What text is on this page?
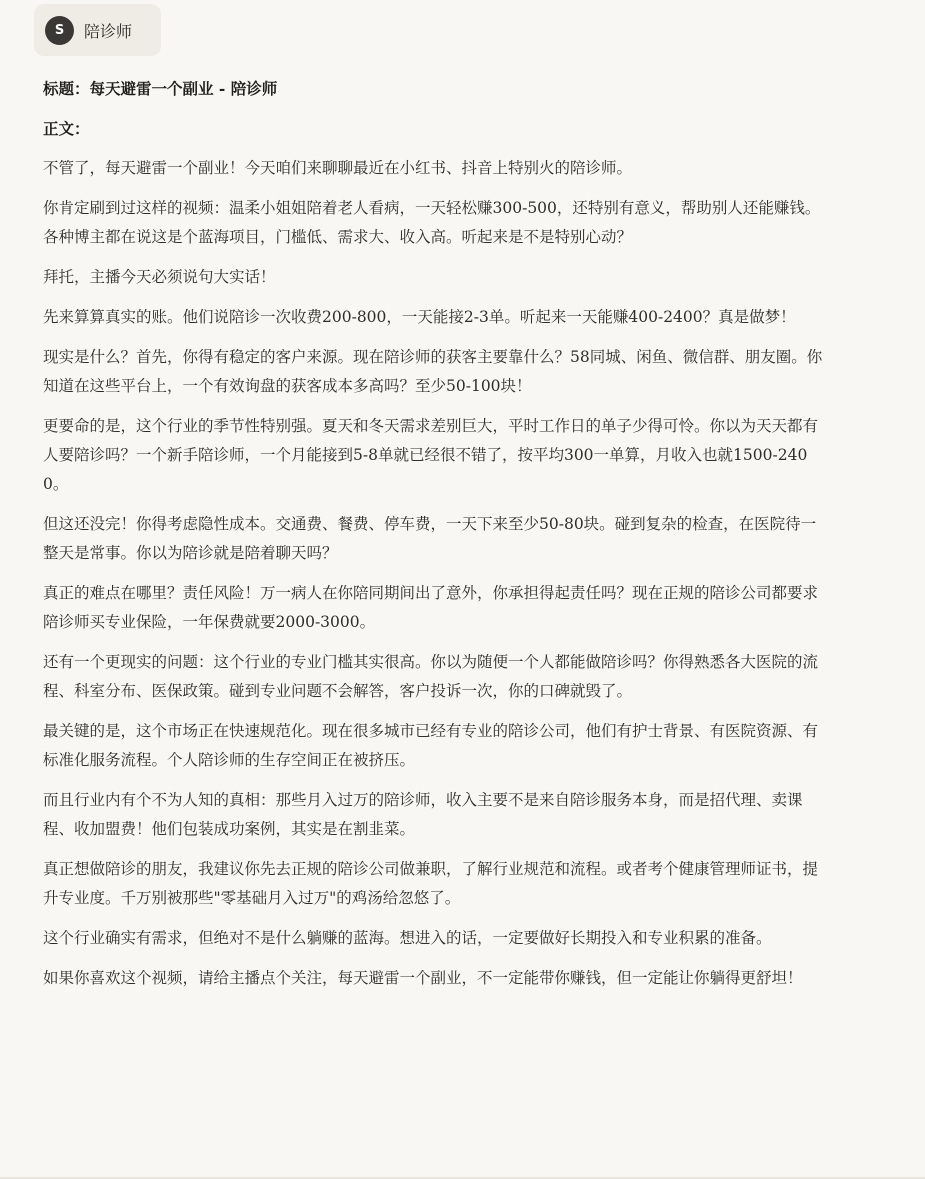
S	陪诊师

标题：每天避雷一个副业 - 陪诊师

正文：

不管了，每天避雷一个副业！今天咱们来聊聊最近在小红书、抖音上特别火的陪诊师。

你肯定刷到过这样的视频：温柔小姐姐陪着老人看病，一天轻松赚300-500，还特别有意义，帮助别人还能赚钱。各种博主都在说这是个蓝海项目，门槛低、需求大、收入高。听起来是不是特别心动？

拜托，主播今天必须说句大实话！

先来算算真实的账。他们说陪诊一次收费200-800，一天能接2-3单。听起来一天能赚400-2400？真是做梦！

现实是什么？首先，你得有稳定的客户来源。现在陪诊师的获客主要靠什么？58同城、闲鱼、微信群、朋友圈。你知道在这些平台上，一个有效询盘的获客成本多高吗？至少50-100块！

更要命的是，这个行业的季节性特别强。夏天和冬天需求差别巨大，平时工作日的单子少得可怜。你以为天天都有人要陪诊吗？一个新手陪诊师，一个月能接到5-8单就已经很不错了，按平均300一单算，月收入也就1500-2400。

但这还没完！你得考虑隐性成本。交通费、餐费、停车费，一天下来至少50-80块。碰到复杂的检查，在医院待一整天是常事。你以为陪诊就是陪着聊天吗？

真正的难点在哪里？责任风险！万一病人在你陪同期间出了意外，你承担得起责任吗？现在正规的陪诊公司都要求陪诊师买专业保险，一年保费就要2000-3000。

还有一个更现实的问题：这个行业的专业门槛其实很高。你以为随便一个人都能做陪诊吗？你得熟悉各大医院的流程、科室分布、医保政策。碰到专业问题不会解答，客户投诉一次，你的口碑就毁了。

最关键的是，这个市场正在快速规范化。现在很多城市已经有专业的陪诊公司，他们有护士背景、有医院资源、有标准化服务流程。个人陪诊师的生存空间正在被挤压。

而且行业内有个不为人知的真相：那些月入过万的陪诊师，收入主要不是来自陪诊服务本身，而是招代理、卖课程、收加盟费！他们包装成功案例，其实是在割韭菜。

真正想做陪诊的朋友，我建议你先去正规的陪诊公司做兼职，了解行业规范和流程。或者考个健康管理师证书，提升专业度。千万别被那些"零基础月入过万"的鸡汤给忽悠了。

这个行业确实有需求，但绝对不是什么躺赚的蓝海。想进入的话，一定要做好长期投入和专业积累的准备。

如果你喜欢这个视频，请给主播点个关注，每天避雷一个副业，不一定能带你赚钱，但一定能让你躺得更舒坦！
